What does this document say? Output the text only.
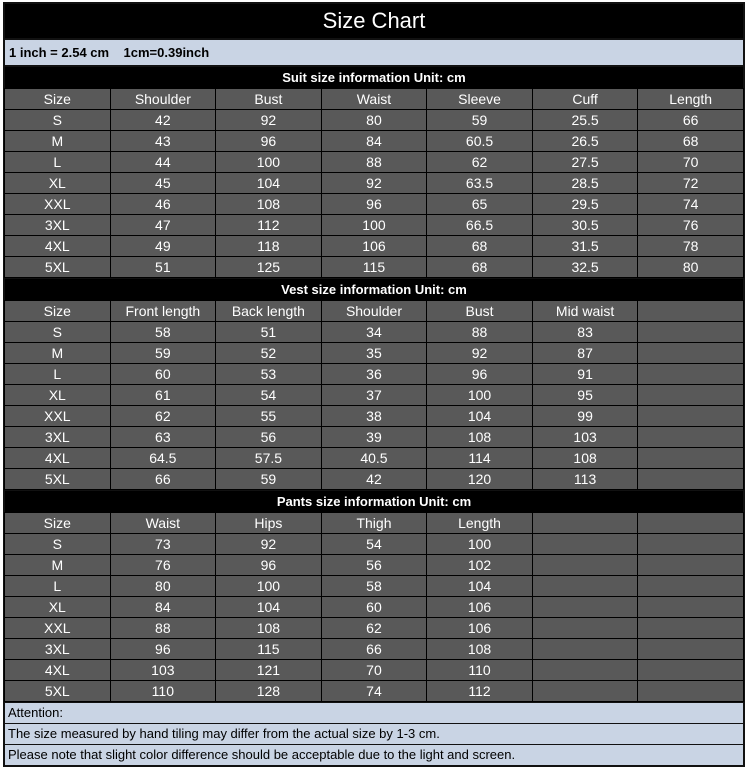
Size Chart
1 inch = 2.54 cm    1cm=0.39inch
Suit size information Unit: cm
Size	Shoulder	Bust	Waist	Sleeve	Cuff	Length
S	42	92	80	59	25.5	66
M	43	96	84	60.5	26.5	68
L	44	100	88	62	27.5	70
XL	45	104	92	63.5	28.5	72
XXL	46	108	96	65	29.5	74
3XL	47	112	100	66.5	30.5	76
4XL	49	118	106	68	31.5	78
5XL	51	125	115	68	32.5	80
Vest size information Unit: cm
Size	Front length	Back length	Shoulder	Bust	Mid waist	
S	58	51	34	88	83	
M	59	52	35	92	87	
L	60	53	36	96	91	
XL	61	54	37	100	95	
XXL	62	55	38	104	99	
3XL	63	56	39	108	103	
4XL	64.5	57.5	40.5	114	108	
5XL	66	59	42	120	113	
Pants size information Unit: cm
Size	Waist	Hips	Thigh	Length		
S	73	92	54	100		
M	76	96	56	102		
L	80	100	58	104		
XL	84	104	60	106		
XXL	88	108	62	106		
3XL	96	115	66	108		
4XL	103	121	70	110		
5XL	110	128	74	112		
Attention:
The size measured by hand tiling may differ from the actual size by 1-3 cm.
Please note that slight color difference should be acceptable due to the light and screen.
